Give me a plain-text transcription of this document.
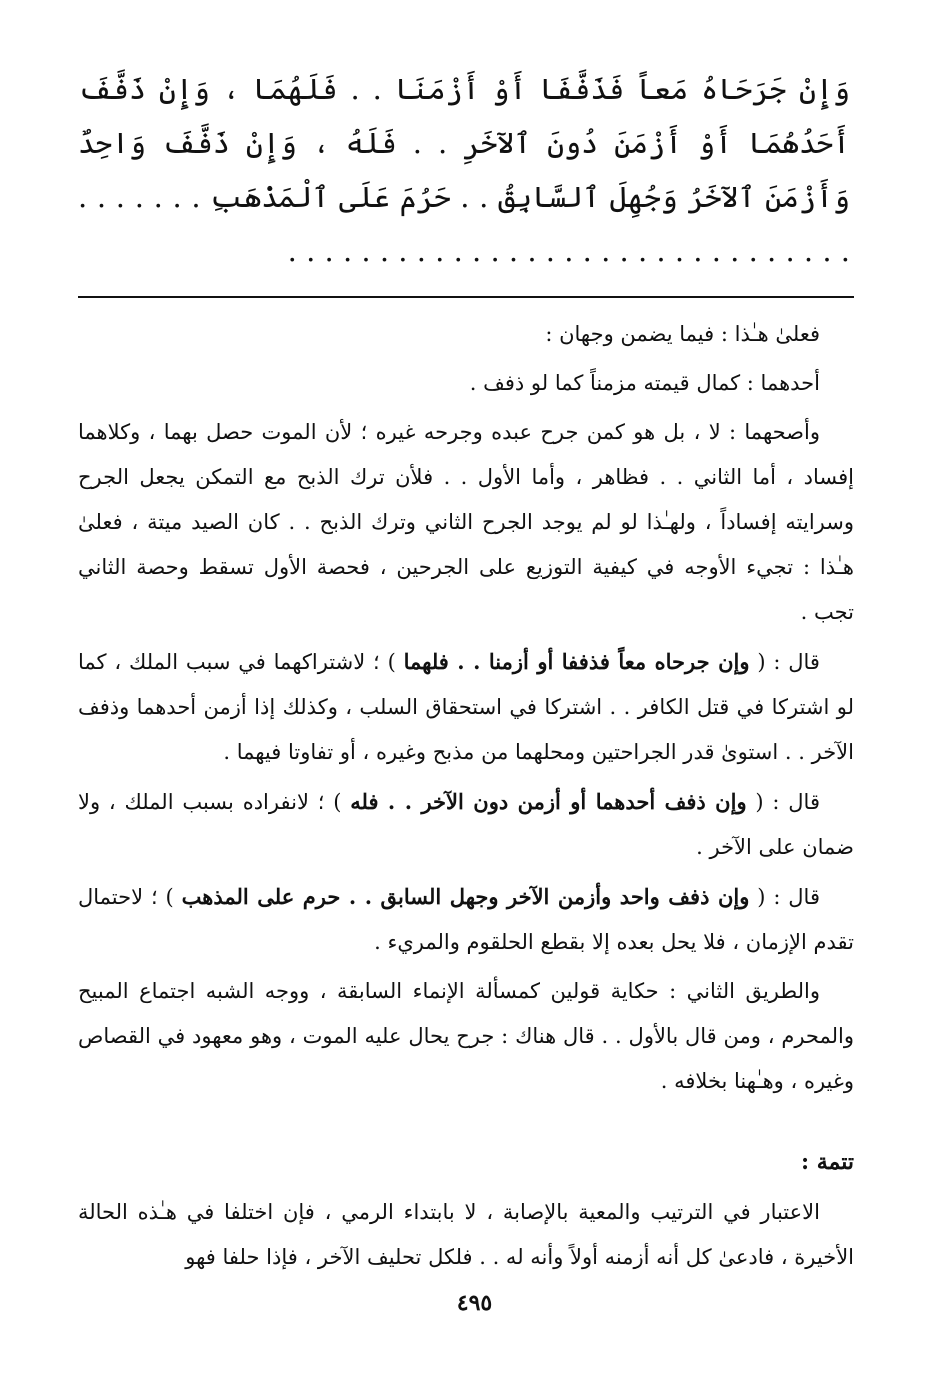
وَإِنْ جَرَحَاهُ مَعاً فَذَفَّفَا أَوْ أَزْمَنَا . . فَلَهُمَا ، وَإِنْ ذَفَّفَ أَحَدُهُمَا أَوْ أَزْمَنَ دُونَ ٱلآخَرِ . . فَلَهُ ، وَإِنْ ذَفَّفَ وَاحِدٌ وَأَزْمَنَ ٱلآخَرُ وَجُهِلَ ٱلسَّابِقُ . . حَرُمَ عَلَى ٱلْمَذْهَبِ . . . . . . . . . . . . . . . . . . . . . . . . . . . . . . . . . . . . . .

فعلىٰ هـٰذا : فيما يضمن وجهان :

أحدهما : كمال قيمته مزمناً كما لو ذفف .

وأصحهما : لا ، بل هو كمن جرح عبده وجرحه غيره ؛ لأن الموت حصل بهما ، وكلاهما إفساد ، أما الثاني . . فظاهر ، وأما الأول . . فلأن ترك الذبح مع التمكن يجعل الجرح وسرايته إفساداً ، ولهـٰذا لو لم يوجد الجرح الثاني وترك الذبح . . كان الصيد ميتة ، فعلىٰ هـٰذا : تجيء الأوجه في كيفية التوزيع على الجرحين ، فحصة الأول تسقط وحصة الثاني تجب .

قال : ( وإن جرحاه معاً فذففا أو أزمنا . . فلهما ) ؛ لاشتراكهما في سبب الملك ، كما لو اشتركا في قتل الكافر . . اشتركا في استحقاق السلب ، وكذلك إذا أزمن أحدهما وذفف الآخر . . استوىٰ قدر الجراحتين ومحلهما من مذبح وغيره ، أو تفاوتا فيهما .

قال : ( وإن ذفف أحدهما أو أزمن دون الآخر . . فله ) ؛ لانفراده بسبب الملك ، ولا ضمان على الآخر .

قال : ( وإن ذفف واحد وأزمن الآخر وجهل السابق . . حرم على المذهب ) ؛ لاحتمال تقدم الإزمان ، فلا يحل بعده إلا بقطع الحلقوم والمريء .

والطريق الثاني : حكاية قولين كمسألة الإنماء السابقة ، ووجه الشبه اجتماع المبيح والمحرم ، ومن قال بالأول . . قال هناك : جرح يحال عليه الموت ، وهو معهود في القصاص وغيره ، وهـٰهنا بخلافه .

تتمة :

الاعتبار في الترتيب والمعية بالإصابة ، لا بابتداء الرمي ، فإن اختلفا في هـٰذه الحالة الأخيرة ، فادعىٰ كل أنه أزمنه أولاً وأنه له . . فلكل تحليف الآخر ، فإذا حلفا فهو

٤٩٥
